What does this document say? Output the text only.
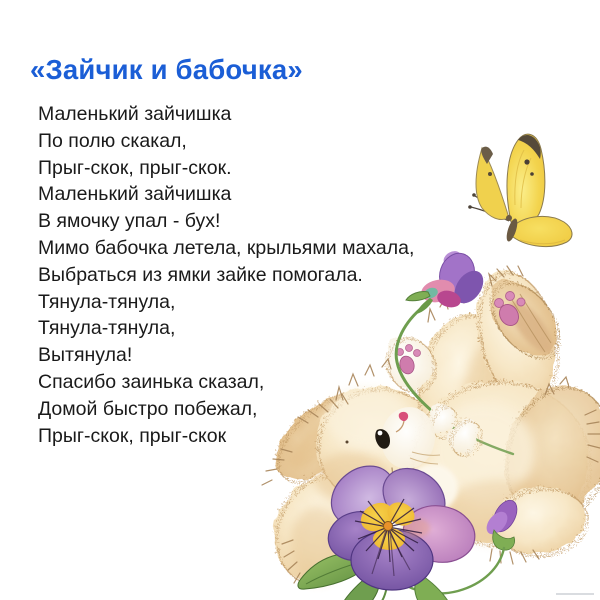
«Зайчик и бабочка»
Маленький зайчишка
По полю скакал,
Прыг-скок, прыг-скок.
Маленький зайчишка
В ямочку упал - бух!
Мимо бабочка летела, крыльями махала,
Выбраться из ямки зайке помогала.
Тянула-тянула,
Тянула-тянула,
Вытянула!
Спасибо заинька сказал,
Домой быстро побежал,
Прыг-скок, прыг-скок
